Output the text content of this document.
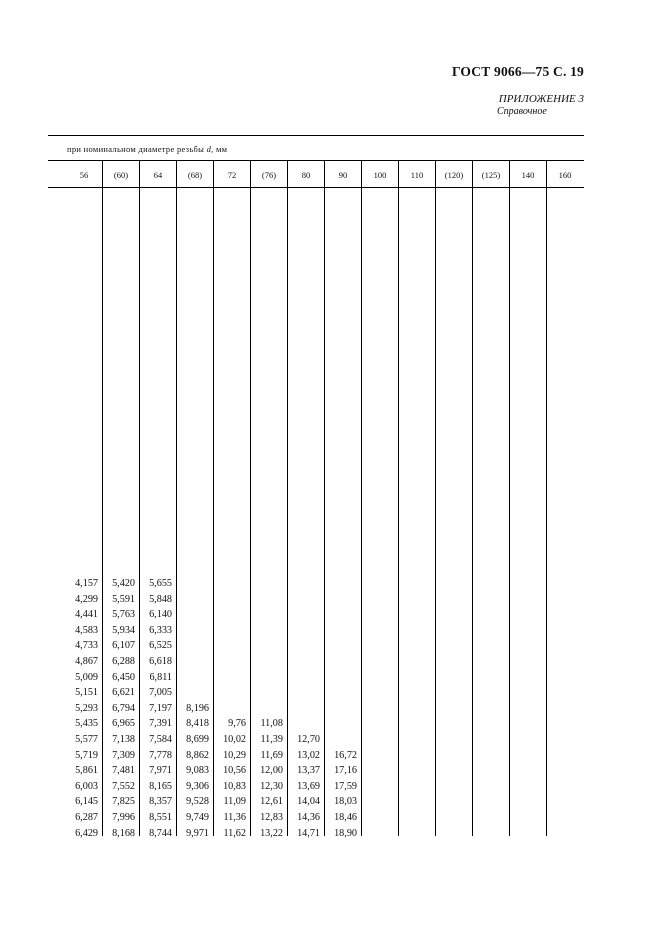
ГОСТ 9066—75 С. 19
ПРИЛОЖЕНИЕ 3
Справочное
при номинальном диаметре резьбы d, мм
56	(60)	64	(68)	72	(76)	80	90	100	110	(120)	(125)	140	160
4,157	5,420	5,655
4,299	5,591	5,848
4,441	5,763	6,140
4,583	5,934	6,333
4,733	6,107	6,525
4,867	6,288	6,618
5,009	6,450	6,811
5,151	6,621	7,005
5,293	6,794	7,197	8,196
5,435	6,965	7,391	8,418	9,76	11,08
5,577	7,138	7,584	8,699	10,02	11,39	12,70
5,719	7,309	7,778	8,862	10,29	11,69	13,02	16,72
5,861	7,481	7,971	9,083	10,56	12,00	13,37	17,16
6,003	7,552	8,165	9,306	10,83	12,30	13,69	17,59
6,145	7,825	8,357	9,528	11,09	12,61	14,04	18,03
6,287	7,996	8,551	9,749	11,36	12,83	14,36	18,46
6,429	8,168	8,744	9,971	11,62	13,22	14,71	18,90
